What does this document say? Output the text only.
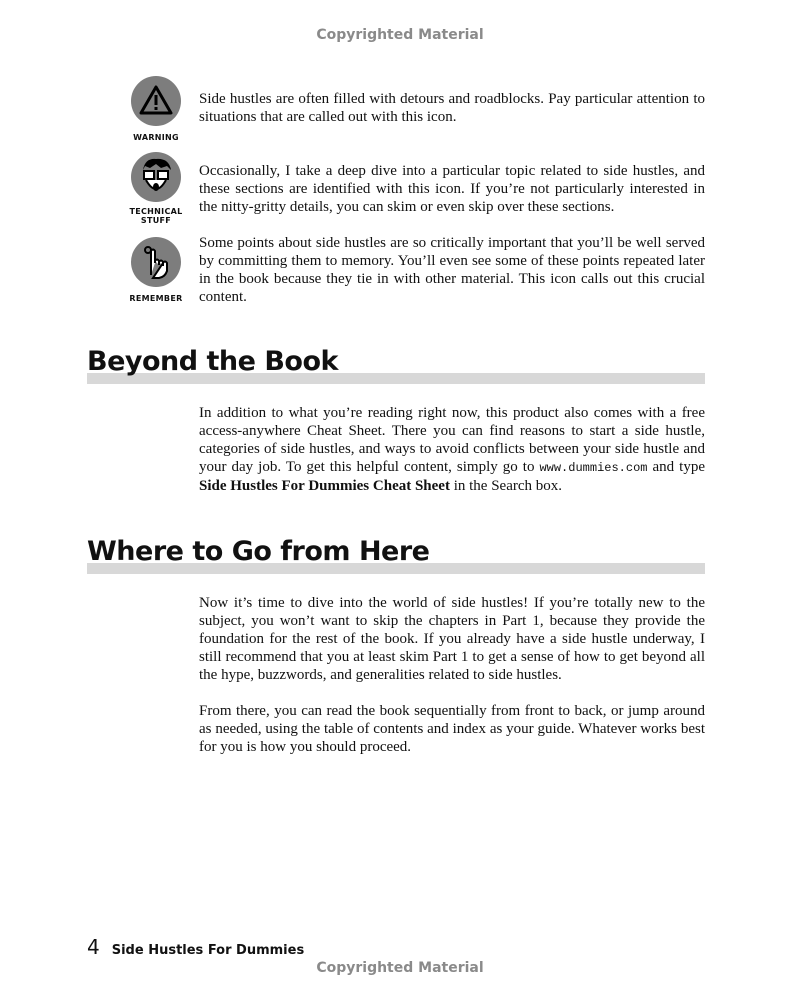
Copyrighted Material
WARNING

Side hustles are often filled with detours and roadblocks. Pay particular attention to situations that are called out with this icon.

TECHNICAL STUFF

Occasionally, I take a deep dive into a particular topic related to side hustles, and these sections are identified with this icon. If you’re not particularly interested in the nitty-gritty details, you can skim or even skip over these sections.

REMEMBER

Some points about side hustles are so critically important that you’ll be well served by committing them to memory. You’ll even see some of these points repeated later in the book because they tie in with other material. This icon calls out this crucial content.

Beyond the Book

In addition to what you’re reading right now, this product also comes with a free access-anywhere Cheat Sheet. There you can find reasons to start a side hustle, categories of side hustles, and ways to avoid conflicts between your side hustle and your day job. To get this helpful content, simply go to www.dummies.com and type Side Hustles For Dummies Cheat Sheet in the Search box.

Where to Go from Here

Now it’s time to dive into the world of side hustles! If you’re totally new to the subject, you won’t want to skip the chapters in Part 1, because they provide the foundation for the rest of the book. If you already have a side hustle underway, I still recommend that you at least skim Part 1 to get a sense of how to get beyond all the hype, buzzwords, and generalities related to side hustles.

From there, you can read the book sequentially from front to back, or jump around as needed, using the table of contents and index as your guide. Whatever works best for you is how you should proceed.

4 Side Hustles For Dummies
Copyrighted Material
